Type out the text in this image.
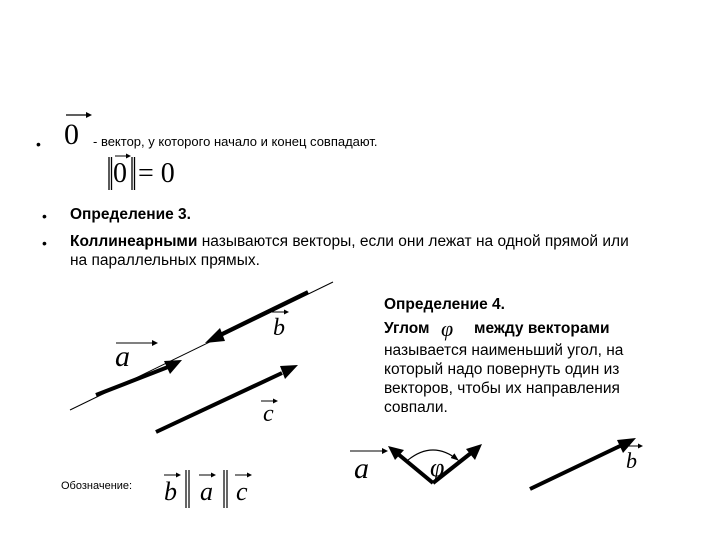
• 0 - вектор, у которого начало и конец совпадают.
0 = 0
• Определение 3.
• Коллинеарными называются векторы, если они лежат на одной прямой или на параллельных прямых.
Определение 4.
Углом φ между векторами
называется наименьший угол, на который надо повернуть один из векторов, чтобы их направления совпали.
a
b
c
a φ	b
Обозначение: b a c
